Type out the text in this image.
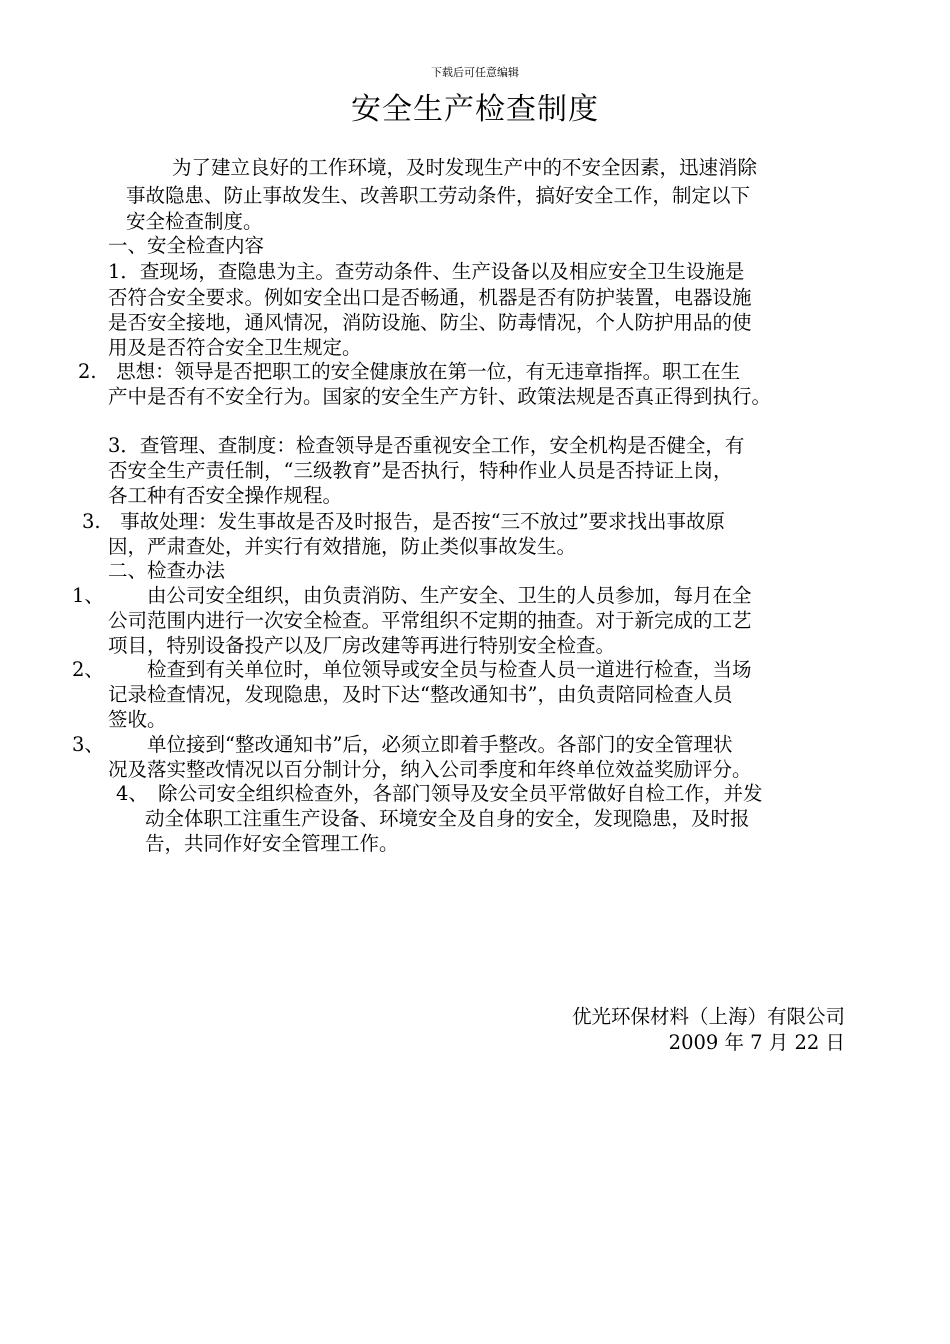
下载后可任意编辑
安全生产检查制度
为了建立良好的工作环境，及时发现生产中的不安全因素，迅速消除
事故隐患、防止事故发生、改善职工劳动条件，搞好安全工作，制定以下
安全检查制度。
一、安全检查内容
1．查现场，查隐患为主。查劳动条件、生产设备以及相应安全卫生设施是
否符合安全要求。例如安全出口是否畅通，机器是否有防护装置，电器设施
是否安全接地，通风情况，消防设施、防尘、防毒情况，个人防护用品的使
用及是否符合安全卫生规定。
2.　思想：领导是否把职工的安全健康放在第一位，有无违章指挥。职工在生
产中是否有不安全行为。国家的安全生产方针、政策法规是否真正得到执行。
3．查管理、查制度：检查领导是否重视安全工作，安全机构是否健全，有
否安全生产责任制，“三级教育”是否执行，特种作业人员是否持证上岗，
各工种有否安全操作规程。
3.　事故处理：发生事故是否及时报告，是否按“三不放过”要求找出事故原
因，严肃查处，并实行有效措施，防止类似事故发生。
二、检查办法
1、 由公司安全组织，由负责消防、生产安全、卫生的人员参加，每月在全
公司范围内进行一次安全检查。平常组织不定期的抽查。对于新完成的工艺
项目，特别设备投产以及厂房改建等再进行特别安全检查。
2、 检查到有关单位时，单位领导或安全员与检查人员一道进行检查，当场
记录检查情况，发现隐患，及时下达“整改通知书”，由负责陪同检查人员
签收。
3、 单位接到“整改通知书”后，必须立即着手整改。各部门的安全管理状
况及落实整改情况以百分制计分，纳入公司季度和年终单位效益奖励评分。
4、 除公司安全组织检查外，各部门领导及安全员平常做好自检工作，并发
动全体职工注重生产设备、环境安全及自身的安全，发现隐患，及时报
告，共同作好安全管理工作。
优光环保材料（上海）有限公司
2009 年 7 月 22 日
